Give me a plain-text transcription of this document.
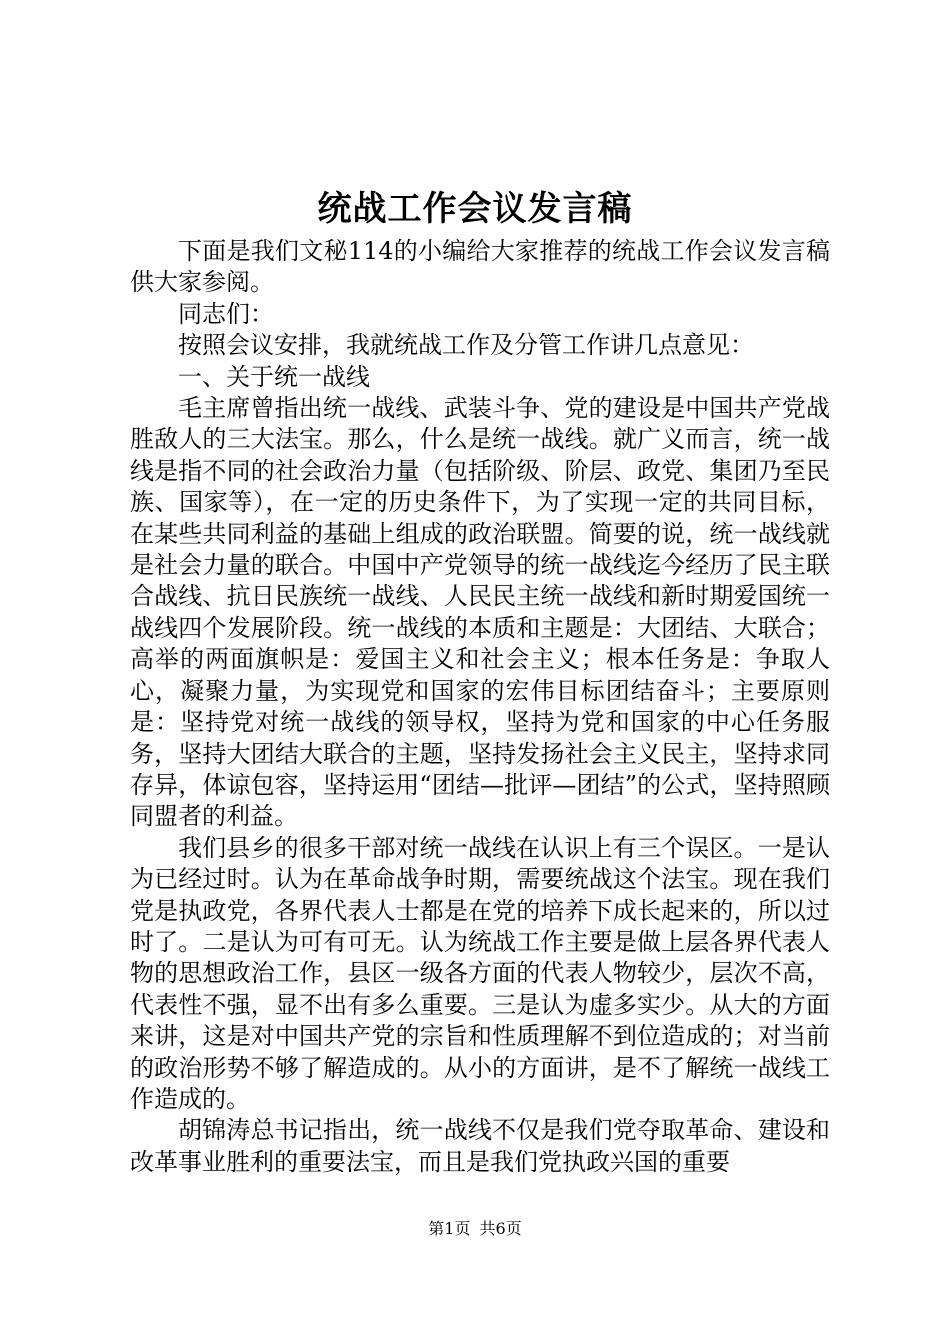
统战工作会议发言稿

下面是我们文秘114的小编给大家推荐的统战工作会议发言稿供大家参阅。

同志们：

按照会议安排，我就统战工作及分管工作讲几点意见：

一、关于统一战线

毛主席曾指出统一战线、武装斗争、党的建设是中国共产党战胜敌人的三大法宝。那么，什么是统一战线。就广义而言，统一战线是指不同的社会政治力量（包括阶级、阶层、政党、集团乃至民族、国家等），在一定的历史条件下，为了实现一定的共同目标，在某些共同利益的基础上组成的政治联盟。简要的说，统一战线就是社会力量的联合。中国中产党领导的统一战线迄今经历了民主联合战线、抗日民族统一战线、人民民主统一战线和新时期爱国统一战线四个发展阶段。统一战线的本质和主题是：大团结、大联合；高举的两面旗帜是：爱国主义和社会主义；根本任务是：争取人心，凝聚力量，为实现党和国家的宏伟目标团结奋斗；主要原则是：坚持党对统一战线的领导权，坚持为党和国家的中心任务服务，坚持大团结大联合的主题，坚持发扬社会主义民主，坚持求同存异，体谅包容，坚持运用“团结—批评—团结”的公式，坚持照顾同盟者的利益。

我们县乡的很多干部对统一战线在认识上有三个误区。一是认为已经过时。认为在革命战争时期，需要统战这个法宝。现在我们党是执政党，各界代表人士都是在党的培养下成长起来的，所以过时了。二是认为可有可无。认为统战工作主要是做上层各界代表人物的思想政治工作，县区一级各方面的代表人物较少，层次不高，代表性不强，显不出有多么重要。三是认为虚多实少。从大的方面来讲，这是对中国共产党的宗旨和性质理解不到位造成的；对当前的政治形势不够了解造成的。从小的方面讲，是不了解统一战线工作造成的。

胡锦涛总书记指出，统一战线不仅是我们党夺取革命、建设和改革事业胜利的重要法宝，而且是我们党执政兴国的重要

第1页 共6页
